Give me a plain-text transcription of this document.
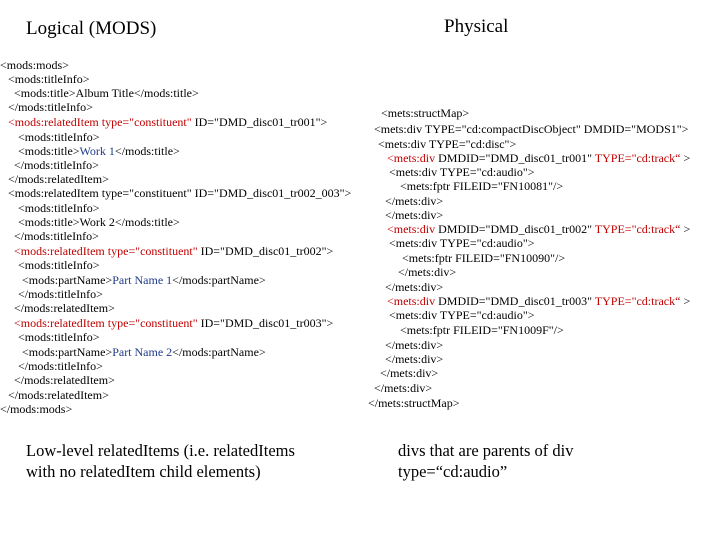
Logical (MODS)	Physical
<mods:mods>
<mods:titleInfo>
<mods:title>Album Title</mods:title>
</mods:titleInfo>
<mods:relatedItem type="constituent" ID="DMD_disc01_tr001">
<mods:titleInfo>
<mods:title>Work 1</mods:title>
</mods:titleInfo>
</mods:relatedItem>
<mods:relatedItem type="constituent" ID="DMD_disc01_tr002_003">
<mods:titleInfo>
<mods:title>Work 2</mods:title>
</mods:titleInfo>
<mods:relatedItem type="constituent" ID="DMD_disc01_tr002">
<mods:titleInfo>
<mods:partName>Part Name 1</mods:partName>
</mods:titleInfo>
</mods:relatedItem>
<mods:relatedItem type="constituent" ID="DMD_disc01_tr003">
<mods:titleInfo>
<mods:partName>Part Name 2</mods:partName>
</mods:titleInfo>
</mods:relatedItem>
</mods:relatedItem>
</mods:mods>
<mets:structMap>
<mets:div TYPE="cd:compactDiscObject" DMDID="MODS1">
<mets:div TYPE="cd:disc">
<mets:div DMDID="DMD_disc01_tr001" TYPE="cd:track“ >
<mets:div TYPE="cd:audio">
<mets:fptr FILEID="FN10081"/>
</mets:div>
</mets:div>
<mets:div DMDID="DMD_disc01_tr002" TYPE="cd:track“ >
<mets:div TYPE="cd:audio">
<mets:fptr FILEID="FN10090"/>
</mets:div>
</mets:div>
<mets:div DMDID="DMD_disc01_tr003" TYPE="cd:track“ >
<mets:div TYPE="cd:audio">
<mets:fptr FILEID="FN1009F"/>
</mets:div>
</mets:div>
</mets:div>
</mets:div>
</mets:structMap>
Low-level relatedItems (i.e. relatedItems
with no relatedItem child elements)
divs that are parents of div
type=“cd:audio”
